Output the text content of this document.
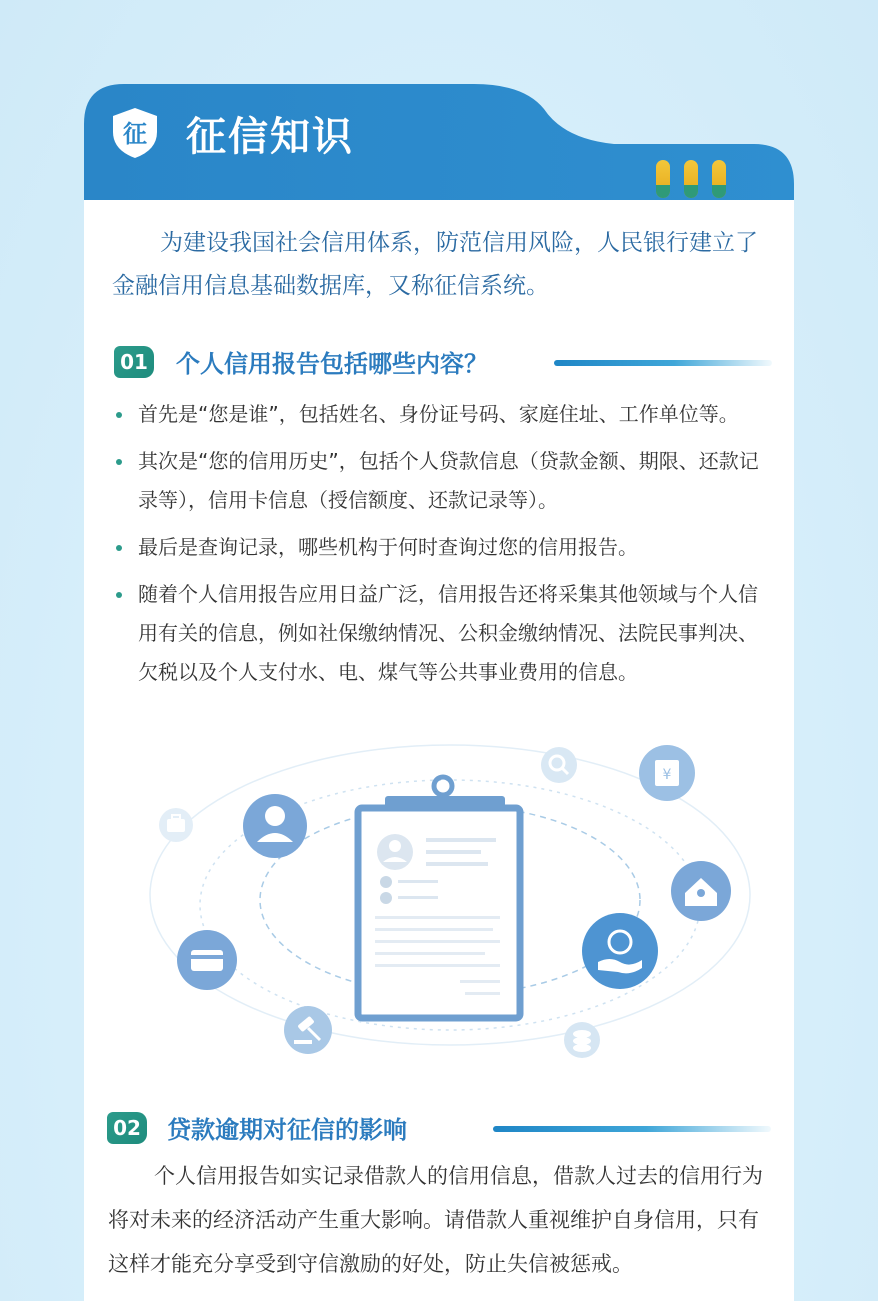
征 征信知识
为建设我国社会信用体系，防范信用风险，人民银行建立了金融信用信息基础数据库，又称征信系统。
01 个人信用报告包括哪些内容？
首先是“您是谁”，包括姓名、身份证号码、家庭住址、工作单位等。
其次是“您的信用历史”，包括个人贷款信息（贷款金额、期限、还款记录等），信用卡信息（授信额度、还款记录等）。
最后是查询记录，哪些机构于何时查询过您的信用报告。
随着个人信用报告应用日益广泛，信用报告还将采集其他领域与个人信用有关的信息，例如社保缴纳情况、公积金缴纳情况、法院民事判决、欠税以及个人支付水、电、煤气等公共事业费用的信息。
¥
02 贷款逾期对征信的影响
个人信用报告如实记录借款人的信用信息，借款人过去的信用行为将对未来的经济活动产生重大影响。请借款人重视维护自身信用，只有这样才能充分享受到守信激励的好处，防止失信被惩戒。
